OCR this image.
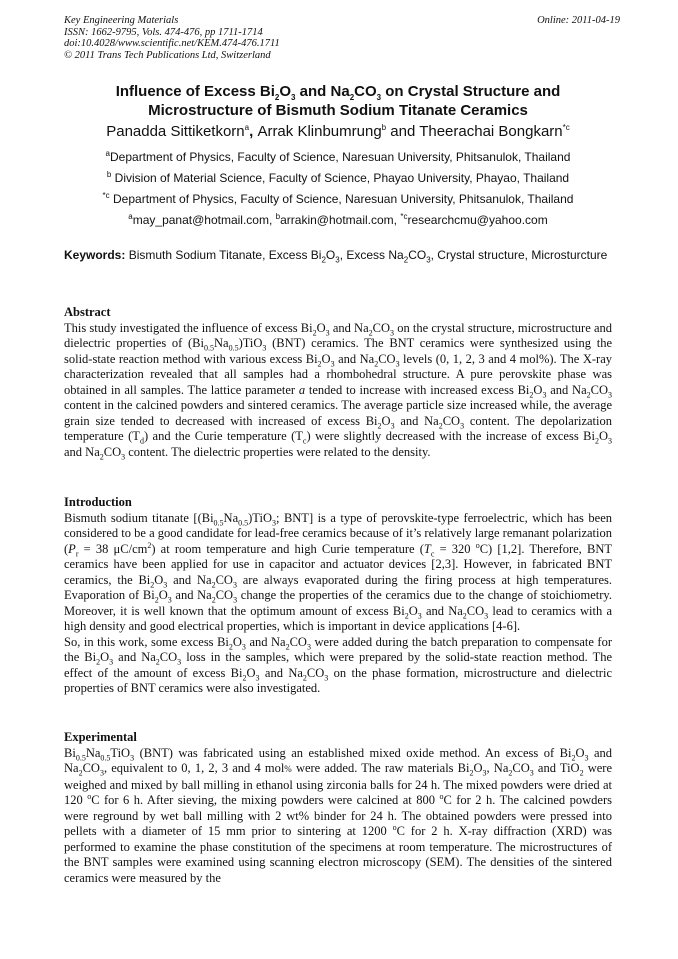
Key Engineering Materials
ISSN: 1662-9795, Vols. 474-476, pp 1711-1714
doi:10.4028/www.scientific.net/KEM.474-476.1711
© 2011 Trans Tech Publications Ltd, Switzerland
Online: 2011-04-19
Influence of Excess $Bi_2O_3$ and $Na_2CO_3$ on Crystal Structure and
Microstructure of Bismuth Sodium Titanate Ceramics
Panadda Sittiketkorn$^a$, Arrak Klinbumrung$^b$ and Theerachai Bongkarn$^{*c}$
$^a$Department of Physics, Faculty of Science, Naresuan University, Phitsanulok, Thailand
$^b$ Division of Material Science, Faculty of Science, Phayao University, Phayao, Thailand
$^{*c}$ Department of Physics, Faculty of Science, Naresuan University, Phitsanulok, Thailand
$^a$may_panat@hotmail.com, $^b$arrakin@hotmail.com, $^{*c}$researchcmu@yahoo.com
Keywords: Bismuth Sodium Titanate, Excess $Bi_2O_3$, Excess $Na_2CO_3$, Crystal structure, Microsturcture
Abstract

This study investigated the influence of excess $Bi_2O_3$ and $Na_2CO_3$ on the crystal structure, microstructure and dielectric properties of $(Bi_{0.5}Na_{0.5})TiO_3$ (BNT) ceramics. The BNT ceramics were synthesized using the solid-state reaction method with various excess $Bi_2O_3$ and $Na_2CO_3$ levels (0, 1, 2, 3 and 4 mol%). The X-ray characterization revealed that all samples had a rhombohedral structure. A pure perovskite phase was obtained in all samples. The lattice parameter a tended to increase with increased excess $Bi_2O_3$ and $Na_2CO_3$ content in the calcined powders and sintered ceramics. The average particle size increased while, the average grain size tended to decreased with increased of excess $Bi_2O_3$ and $Na_2CO_3$ content. The depolarization temperature $(T_d)$ and the Curie temperature $(T_c)$ were slightly decreased with the increase of excess $Bi_2O_3$ and $Na_2CO_3$ content. The dielectric properties were related to the density.

Introduction

Bismuth sodium titanate [$(Bi_{0.5}Na_{0.5})TiO_3$; BNT] is a type of perovskite-type ferroelectric, which has been considered to be a good candidate for lead-free ceramics because of it’s relatively large remanant polarization ($P_r = 38$ $\mu C/cm^2$) at room temperature and high Curie temperature ($T_c = 320$ $^o$C) [1,2]. Therefore, BNT ceramics have been applied for use in capacitor and actuator devices [2,3]. However, in fabricated BNT ceramics, the $Bi_2O_3$ and $Na_2CO_3$ are always evaporated during the firing process at high temperatures. Evaporation of $Bi_2O_3$ and $Na_2CO_3$ change the properties of the ceramics due to the change of stoichiometry. Moreover, it is well known that the optimum amount of excess $Bi_2O_3$ and $Na_2CO_3$ lead to ceramics with a high density and good electrical properties, which is important in device applications [4-6].

So, in this work, some excess $Bi_2O_3$ and $Na_2CO_3$ were added during the batch preparation to compensate for the $Bi_2O_3$ and $Na_2CO_3$ loss in the samples, which were prepared by the solid-state reaction method. The effect of the amount of excess $Bi_2O_3$ and $Na_2CO_3$ on the phase formation, microstructure and dielectric properties of BNT ceramics were also investigated.

Experimental

$Bi_{0.5}Na_{0.5}TiO_3$ (BNT) was fabricated using an established mixed oxide method. An excess of $Bi_2O_3$ and $Na_2CO_3$, equivalent to 0, 1, 2, 3 and 4 mol% were added. The raw materials $Bi_2O_3$, $Na_2CO_3$ and TiO$_2$ were weighed and mixed by ball milling in ethanol using zirconia balls for 24 h. The mixed powders were dried at 120 $^o$C for 6 h. After sieving, the mixing powders were calcined at 800 $^o$C for 2 h. The calcined powders were reground by wet ball milling with 2 wt% binder for 24 h. The obtained powders were pressed into pellets with a diameter of 15 mm prior to sintering at 1200 $^o$C for 2 h. X-ray diffraction (XRD) was performed to examine the phase constitution of the specimens at room temperature. The microstructures of the BNT samples were examined using scanning electron microscopy (SEM). The densities of the sintered ceramics were measured by the
